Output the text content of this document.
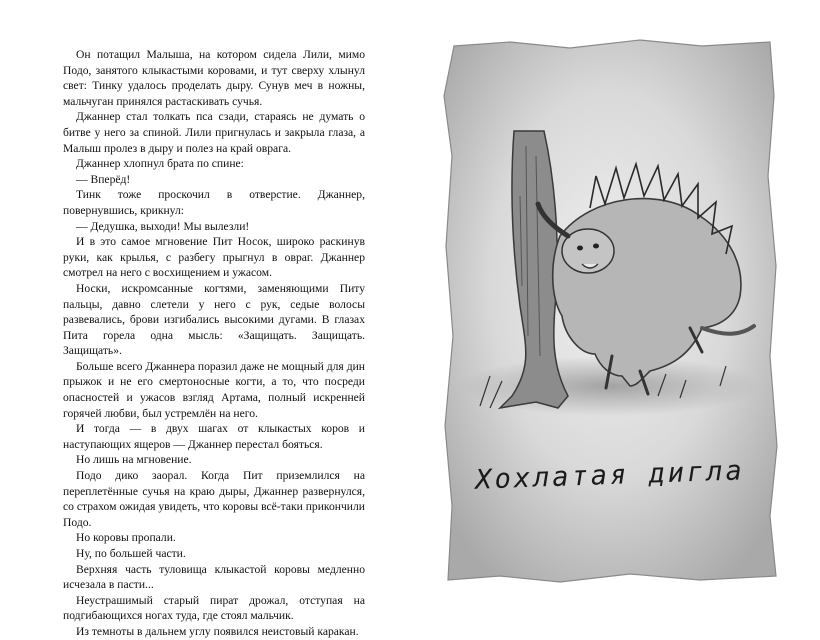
Он потащил Малыша, на котором сидела Лили, мимо Подо, занятого клыкастыми коровами, и тут сверху хлынул свет: Тинку удалось проделать дыру. Сунув меч в ножны, мальчуган принялся растаскивать сучья.

Джаннер стал толкать пса сзади, стараясь не думать о битве у него за спиной. Лили пригнулась и закрыла глаза, а Малыш пролез в дыру и полез на край оврага.

Джаннер хлопнул брата по спине:

— Вперёд!

Тинк тоже проскочил в отверстие. Джаннер, повернувшись, крикнул:

— Дедушка, выходи! Мы вылезли!

И в это самое мгновение Пит Носок, широко раскинув руки, как крылья, с разбегу прыгнул в овраг. Джаннер смотрел на него с восхищением и ужасом.

Носки, искромсанные когтями, заменяющими Питу пальцы, давно слетели у него с рук, седые волосы развевались, брови изгибались высокими дугами. В глазах Пита горела одна мысль: «Защищать. Защищать. Защищать».

Больше всего Джаннера поразил даже не мощный для дин прыжок и не его смертоносные когти, а то, что посреди опасностей и ужасов взгляд Артама, полный искренней горячей любви, был устремлён на него.

И тогда — в двух шагах от клыкастых коров и наступающих ящеров — Джаннер перестал бояться.

Но лишь на мгновение.

Подо дико заорал. Когда Пит приземлился на переплетённые сучья на краю дыры, Джаннер развернулся, со страхом ожидая увидеть, что коровы всё-таки прикончили Подо.

Но коровы пропали.

Ну, по большей части.

Верхняя часть туловища клыкастой коровы медленно исчезала в пасти...

Неустрашимый старый пират дрожал, отступая на подгибающихся ногах туда, где стоял мальчик.

Из темноты в дальнем углу появился неистовый каракан.

Хохлатая дигла
